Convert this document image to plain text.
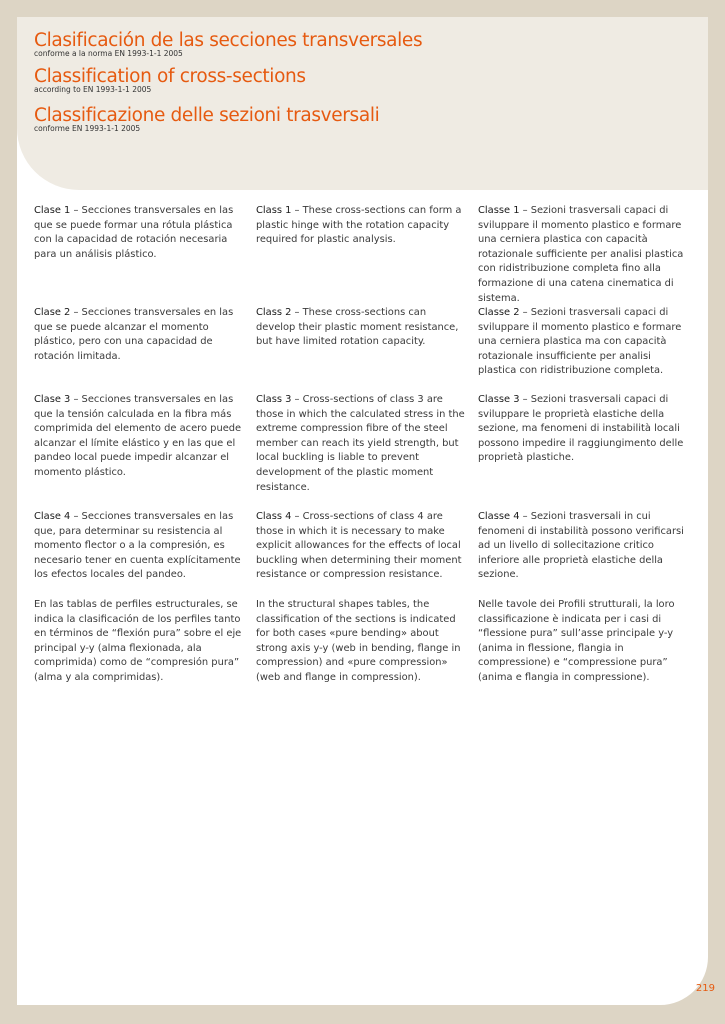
Clasificación de las secciones transversales
conforme a la norma EN 1993-1-1 2005
Classification of cross-sections
according to EN 1993-1-1 2005
Classificazione delle sezioni trasversali
conforme EN 1993-1-1 2005

Clase 1 – Secciones transversales en las que se puede formar una rótula plástica con la capacidad de rotación necesaria para un análisis plástico.

Clase 2 – Secciones transversales en las que se puede alcanzar el momento plástico, pero con una capacidad de rotación limitada.

Clase 3 – Secciones transversales en las que la tensión calculada en la fibra más comprimida del elemento de acero puede alcanzar el límite elástico y en las que el pandeo local puede impedir alcanzar el momento plástico.

Clase 4 – Secciones transversales en las que, para determinar su resistencia al momento flector o a la compresión, es necesario tener en cuenta explícitamente los efectos locales del pandeo.

En las tablas de perfiles estructurales, se indica la clasificación de los perfiles tanto en términos de “flexión pura” sobre el eje principal y-y (alma flexionada, ala comprimida) como de “compresión pura” (alma y ala comprimidas).

Class 1 – These cross-sections can form a plastic hinge with the rotation capacity required for plastic analysis.

Class 2 – These cross-sections can develop their plastic moment resistance, but have limited rotation capacity.

Class 3 – Cross-sections of class 3 are those in which the calculated stress in the extreme compression fibre of the steel member can reach its yield strength, but local buckling is liable to prevent development of the plastic moment resistance.

Class 4 – Cross-sections of class 4 are those in which it is necessary to make explicit allowances for the effects of local buckling when determining their moment resistance or compression resistance.

In the structural shapes tables, the classification of the sections is indicated for both cases «pure bending» about strong axis y-y (web in bending, flange in compression) and «pure compression» (web and flange in compression).

Classe 1 – Sezioni trasversali capaci di sviluppare il momento plastico e formare una cerniera plastica con capacità rotazionale sufficiente per analisi plastica con ridistribuzione completa fino alla formazione di una catena cinematica di sistema.

Classe 2 – Sezioni trasversali capaci di sviluppare il momento plastico e formare una cerniera plastica ma con capacità rotazionale insufficiente per analisi plastica con ridistribuzione completa.

Classe 3 – Sezioni trasversali capaci di sviluppare le proprietà elastiche della sezione, ma fenomeni di instabilità locali possono impedire il raggiungimento delle proprietà plastiche.

Classe 4 – Sezioni trasversali in cui fenomeni di instabilità possono verificarsi ad un livello di sollecitazione critico inferiore alle proprietà elastiche della sezione.

Nelle tavole dei Profili strutturali, la loro classificazione è indicata per i casi di “flessione pura” sull’asse principale y-y (anima in flessione, flangia in compressione) e “compressione pura” (anima e flangia in compressione).

219
